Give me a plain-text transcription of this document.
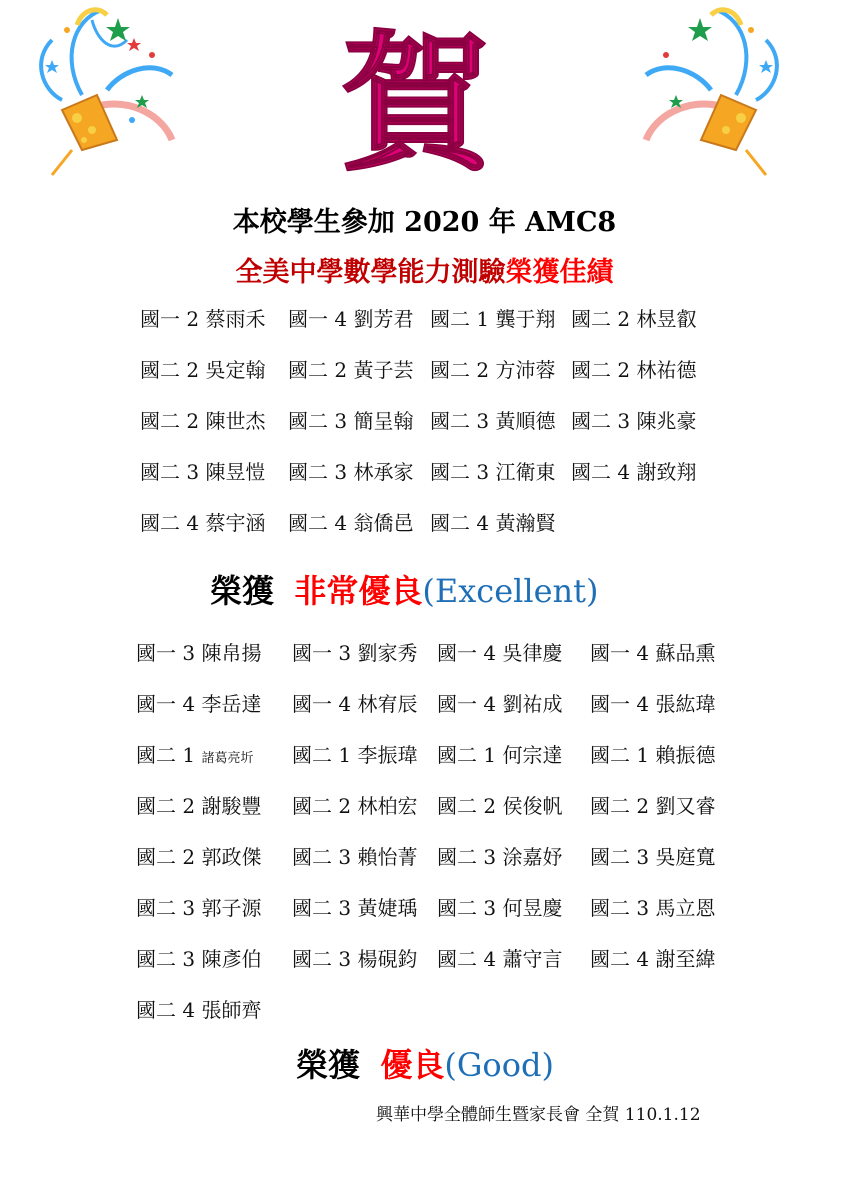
賀
本校學生參加 2020 年 AMC8
全美中學數學能力測驗榮獲佳績
國一 2 蔡雨禾 國一 4 劉芳君 國二 1 龔于翔 國二 2 林昱叡
國二 2 吳定翰 國二 2 黃子芸 國二 2 方沛蓉 國二 2 林祐德
國二 2 陳世杰 國二 3 簡呈翰 國二 3 黃順德 國二 3 陳兆豪
國二 3 陳昱愷 國二 3 林承家 國二 3 江衛東 國二 4 謝致翔
國二 4 蔡宇涵 國二 4 翁僑邑 國二 4 黃瀚賢
榮獲 非常優良(Excellent)
國一 3 陳帛揚 國一 3 劉家秀 國一 4 吳律慶 國一 4 蘇品熏
國一 4 李岳達 國一 4 林宥辰 國一 4 劉祐成 國一 4 張紘瑋
國二 1 諸葛亮圻 國二 1 李振瑋 國二 1 何宗達 國二 1 賴振德
國二 2 謝駿豐 國二 2 林柏宏 國二 2 侯俊帆 國二 2 劉又睿
國二 2 郭政傑 國二 3 賴怡菁 國二 3 涂嘉妤 國二 3 吳庭寬
國二 3 郭子源 國二 3 黃婕瑀 國二 3 何昱慶 國二 3 馬立恩
國二 3 陳彥伯 國二 3 楊硯鈞 國二 4 蕭守言 國二 4 謝至緯
國二 4 張師齊
榮獲 優良(Good)
興華中學全體師生暨家長會 全賀 110.1.12
